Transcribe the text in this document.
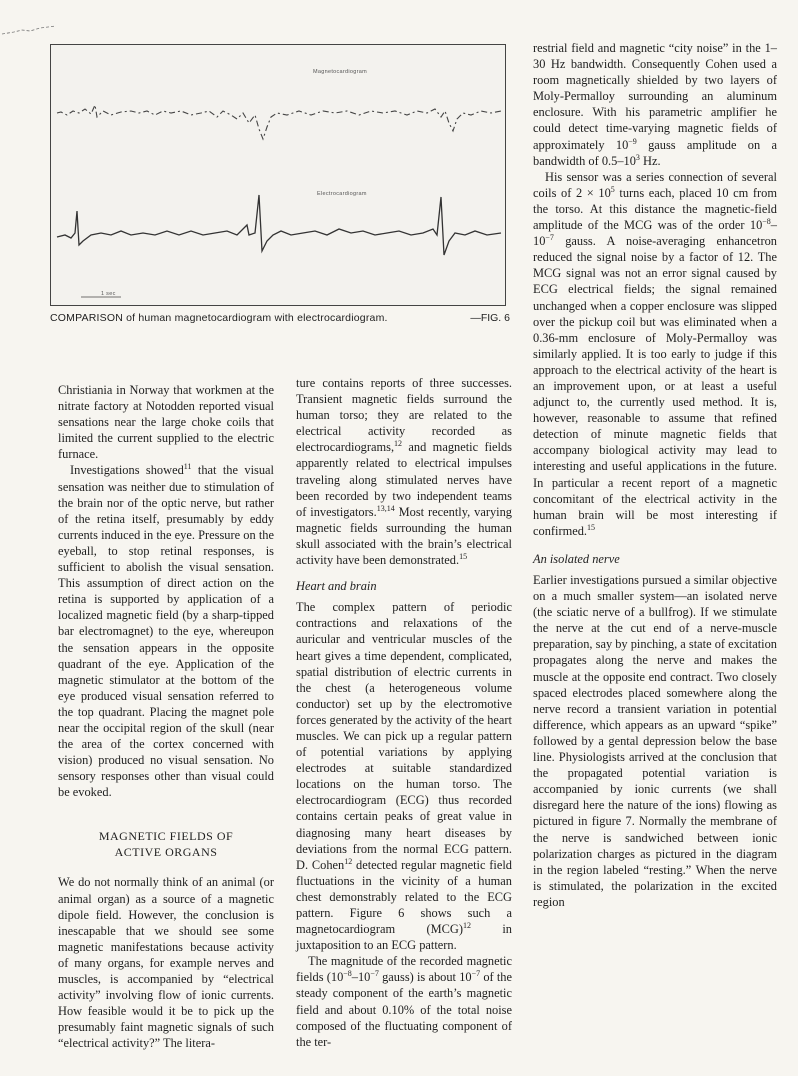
Magnetocardiogram
Electrocardiogram
1 sec
COMPARISON of human magnetocardiogram with electrocardiogram.	—FIG. 6

Christiania in Norway that workmen at the nitrate factory at Notodden reported visual sensations near the large choke coils that limited the current supplied to the electric furnace.

Investigations showed$^{11}$ that the visual sensation was neither due to stimulation of the brain nor of the optic nerve, but rather of the retina itself, presumably by eddy currents induced in the eye. Pressure on the eyeball, to stop retinal responses, is sufficient to abolish the visual sensation. This assumption of direct action on the retina is supported by application of a localized magnetic field (by a sharp-tipped bar electromagnet) to the eye, whereupon the sensation appears in the opposite quadrant of the eye. Application of the magnetic stimulator at the bottom of the eye produced visual sensation referred to the top quadrant. Placing the magnet pole near the occipital region of the skull (near the area of the cortex concerned with vision) produced no visual sensation. No sensory responses other than visual could be evoked.

MAGNETIC FIELDS OF
ACTIVE ORGANS

We do not normally think of an animal (or animal organ) as a source of a magnetic dipole field. However, the conclusion is inescapable that we should see some magnetic manifestations because activity of many organs, for example nerves and muscles, is accompanied by “electrical activity” involving flow of ionic currents. How feasible would it be to pick up the presumably faint magnetic signals of such “electrical activity?” The litera-

ture contains reports of three successes. Transient magnetic fields surround the human torso; they are related to the electrical activity recorded as electrocardiograms,$^{12}$ and magnetic fields apparently related to electrical impulses traveling along stimulated nerves have been recorded by two independent teams of investigators.$^{13,14}$ Most recently, varying magnetic fields surrounding the human skull associated with the brain’s electrical activity have been demonstrated.$^{15}$

Heart and brain

The complex pattern of periodic contractions and relaxations of the auricular and ventricular muscles of the heart gives a time dependent, complicated, spatial distribution of electric currents in the chest (a heterogeneous volume conductor) set up by the electromotive forces generated by the activity of the heart muscles. We can pick up a regular pattern of potential variations by applying electrodes at suitable standardized locations on the human torso. The electrocardiogram (ECG) thus recorded contains certain peaks of great value in diagnosing many heart diseases by deviations from the normal ECG pattern. D. Cohen$^{12}$ detected regular magnetic field fluctuations in the vicinity of a human chest demonstrably related to the ECG pattern. Figure 6 shows such a magnetocardiogram (MCG)$^{12}$ in juxtaposition to an ECG pattern.

The magnitude of the recorded magnetic fields ($10^{-8}-10^{-7}$ gauss) is about $10^{-7}$ of the steady component of the earth’s magnetic field and about 0.10% of the total noise composed of the fluctuating component of the ter-

restrial field and magnetic “city noise” in the 1–30 Hz bandwidth. Consequently Cohen used a room magnetically shielded by two layers of Moly-Permalloy surrounding an aluminum enclosure. With his parametric amplifier he could detect time-varying magnetic fields of approximately $10^{-9}$ gauss amplitude on a bandwidth of $0.5-10^3$ Hz.

His sensor was a series connection of several coils of $2 \times 10^5$ turns each, placed 10 cm from the torso. At this distance the magnetic-field amplitude of the MCG was of the order $10^{-8}-10^{-7}$ gauss. A noise-averaging enhancetron reduced the signal noise by a factor of 12. The MCG signal was not an error signal caused by ECG electrical fields; the signal remained unchanged when a copper enclosure was slipped over the pickup coil but was eliminated when a 0.36-mm enclosure of Moly-Permalloy was similarly applied. It is too early to judge if this approach to the electrical activity of the heart is an improvement upon, or at least a useful adjunct to, the currently used method. It is, however, reasonable to assume that refined detection of minute magnetic fields that accompany biological activity may lead to interesting and useful applications in the future. In particular a recent report of a magnetic concomitant of the electrical activity in the human brain will be most interesting if confirmed.$^{15}$

An isolated nerve

Earlier investigations pursued a similar objective on a much smaller system—an isolated nerve (the sciatic nerve of a bullfrog). If we stimulate the nerve at the cut end of a nerve-muscle preparation, say by pinching, a state of excitation propagates along the nerve and makes the muscle at the opposite end contract. Two closely spaced electrodes placed somewhere along the nerve record a transient variation in potential difference, which appears as an upward “spike” followed by a gental depression below the base line. Physiologists arrived at the conclusion that the propagated potential variation is accompanied by ionic currents (we shall disregard here the nature of the ions) flowing as pictured in figure 7. Normally the membrane of the nerve is sandwiched between ionic polarization charges as pictured in the diagram in the region labeled “resting.” When the nerve is stimulated, the polarization in the excited region
